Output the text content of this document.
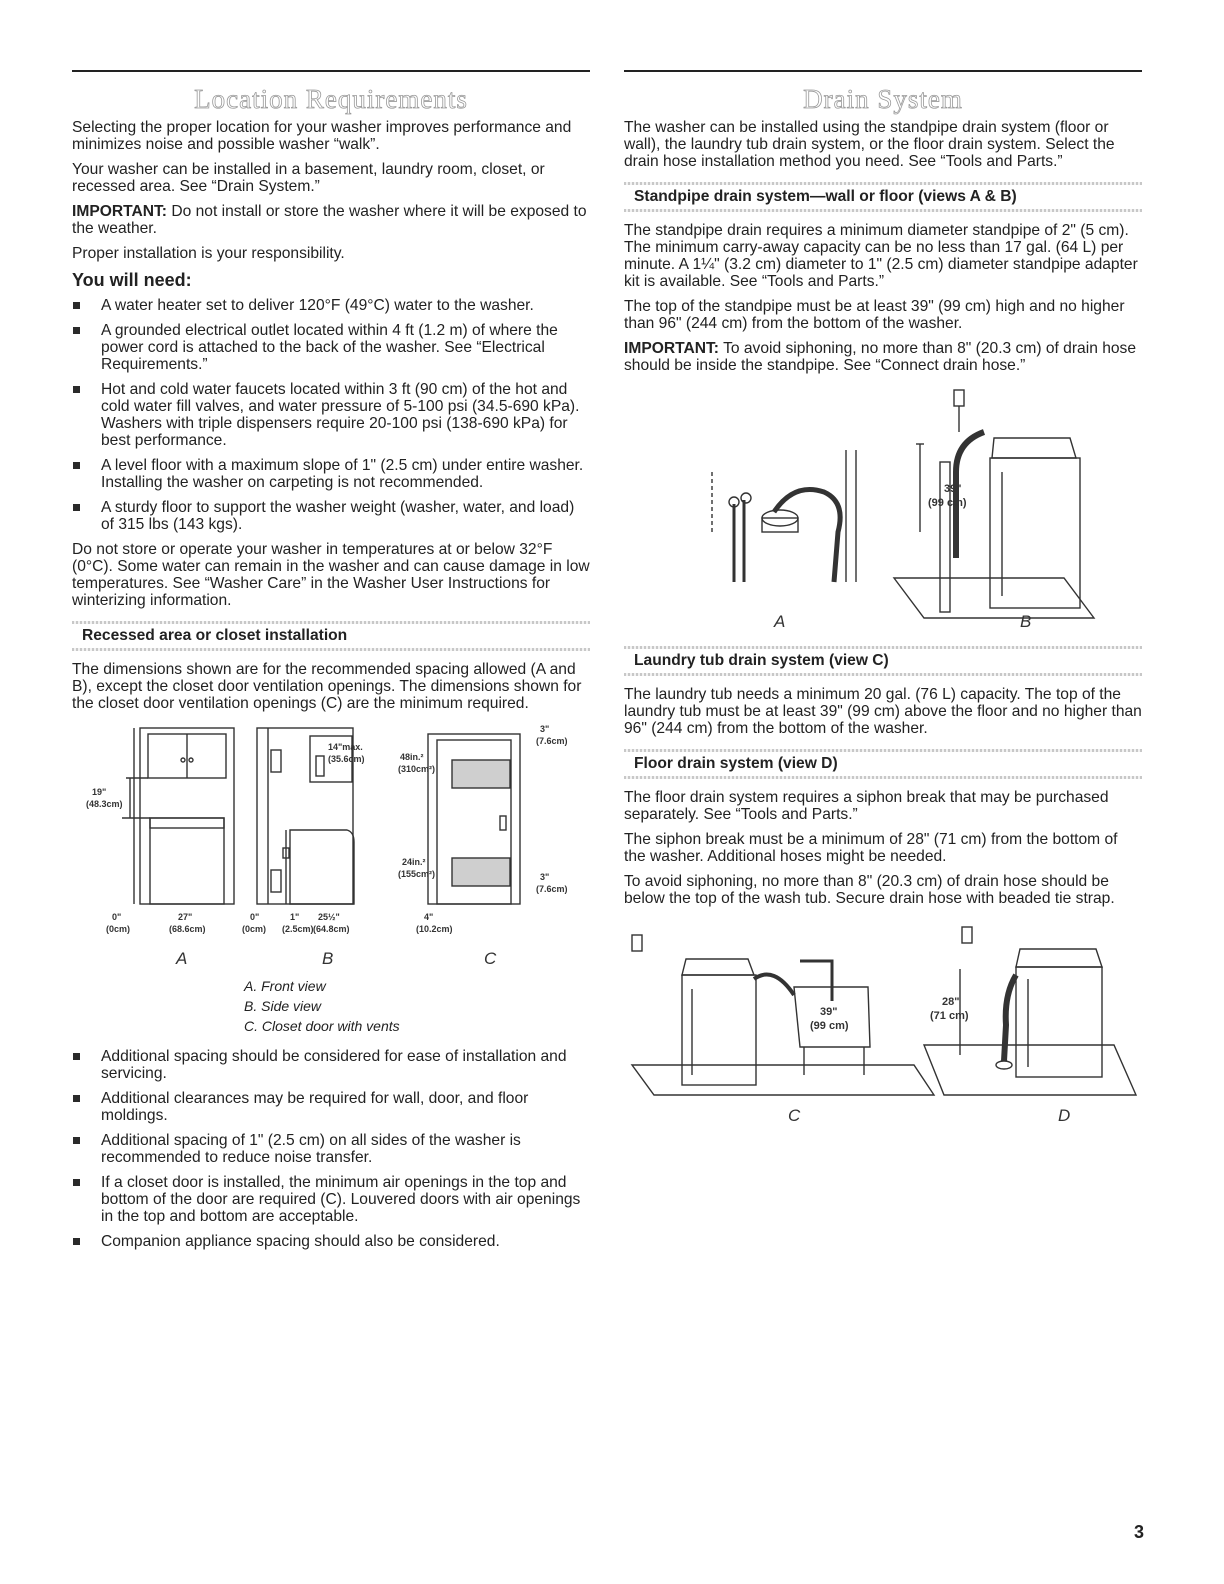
Location Requirements

Selecting the proper location for your washer improves performance and minimizes noise and possible washer “walk”.

Your washer can be installed in a basement, laundry room, closet, or recessed area. See “Drain System.”

IMPORTANT: Do not install or store the washer where it will be exposed to the weather.

Proper installation is your responsibility.

You will need:
A water heater set to deliver 120°F (49°C) water to the washer.
A grounded electrical outlet located within 4 ft (1.2 m) of where the power cord is attached to the back of the washer. See “Electrical Requirements.”
Hot and cold water faucets located within 3 ft (90 cm) of the hot and cold water fill valves, and water pressure of 5-100 psi (34.5-690 kPa). Washers with triple dispensers require 20-100 psi (138-690 kPa) for best performance.
A level floor with a maximum slope of 1" (2.5 cm) under entire washer. Installing the washer on carpeting is not recommended.
A sturdy floor to support the washer weight (washer, water, and load) of 315 lbs (143 kgs).

Do not store or operate your washer in temperatures at or below 32°F (0°C). Some water can remain in the washer and can cause damage in low temperatures. See “Washer Care” in the Washer User Instructions for winterizing information.

Recessed area or closet installation

The dimensions shown are for the recommended spacing allowed (A and B), except the closet door ventilation openings. The dimensions shown for the closet door ventilation openings (C) are the minimum required.

19"
(48.3cm)
0"
(0cm)
27"
(68.6cm)
14"max.
(35.6cm)
0"
(0cm)
1"
(2.5cm)
25½"
(64.8cm)
48in.²
(310cm²)
24in.²
(155cm²)
3"
(7.6cm)
3"
(7.6cm)
4"
(10.2cm)
A	B	C
A. Front view
B. Side view
C. Closet door with vents
Additional spacing should be considered for ease of installation and servicing.
Additional clearances may be required for wall, door, and floor moldings.
Additional spacing of 1" (2.5 cm) on all sides of the washer is recommended to reduce noise transfer.
If a closet door is installed, the minimum air openings in the top and bottom of the door are required (C). Louvered doors with air openings in the top and bottom are acceptable.
Companion appliance spacing should also be considered.
Drain System

The washer can be installed using the standpipe drain system (floor or wall), the laundry tub drain system, or the floor drain system. Select the drain hose installation method you need. See “Tools and Parts.”

Standpipe drain system—wall or floor (views A & B)

The standpipe drain requires a minimum diameter standpipe of 2" (5 cm). The minimum carry-away capacity can be no less than 17 gal. (64 L) per minute. A 1¼" (3.2 cm) diameter to 1" (2.5 cm) diameter standpipe adapter kit is available. See “Tools and Parts.”

The top of the standpipe must be at least 39" (99 cm) high and no higher than 96" (244 cm) from the bottom of the washer.

IMPORTANT: To avoid siphoning, no more than 8" (20.3 cm) of drain hose should be inside the standpipe. See “Connect drain hose.”

39"
(99 cm)
A	B
Laundry tub drain system (view C)

The laundry tub needs a minimum 20 gal. (76 L) capacity. The top of the laundry tub must be at least 39" (99 cm) above the floor and no higher than 96" (244 cm) from the bottom of the washer.

Floor drain system (view D)

The floor drain system requires a siphon break that may be purchased separately. See “Tools and Parts.”

The siphon break must be a minimum of 28" (71 cm) from the bottom of the washer. Additional hoses might be needed.

To avoid siphoning, no more than 8" (20.3 cm) of drain hose should be below the top of the wash tub. Secure drain hose with beaded tie strap.

39"
(99 cm)
28"
(71 cm)
C	D
3
